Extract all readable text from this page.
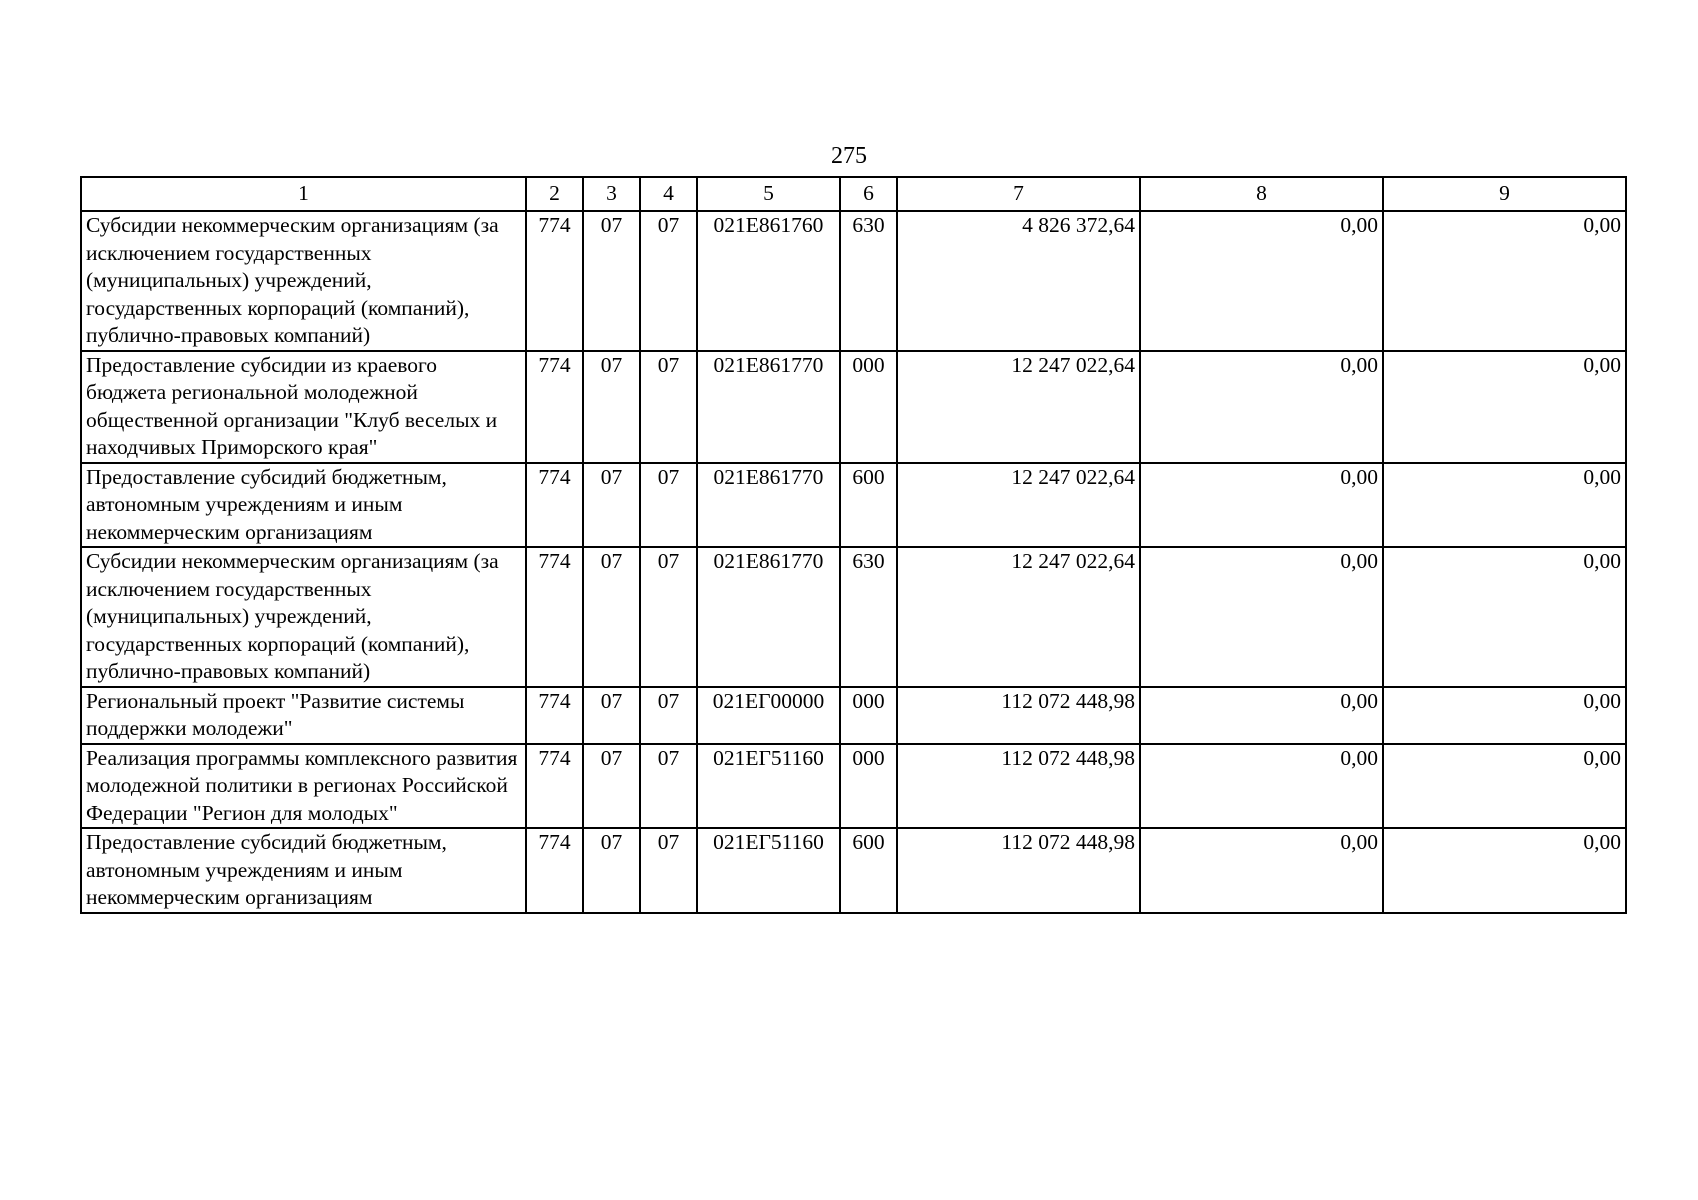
275
1	2	3	4	5	6	7	8	9
Субсидии некоммерческим организациям (за исключением государственных (муниципальных) учреждений, государственных корпораций (компаний), публично-правовых компаний)	774	07	07	021E861760	630	4 826 372,64	0,00	0,00
Предоставление субсидии из краевого бюджета региональной молодежной общественной организации "Клуб веселых и находчивых Приморского края"	774	07	07	021E861770	000	12 247 022,64	0,00	0,00
Предоставление субсидий бюджетным, автономным учреждениям и иным некоммерческим организациям	774	07	07	021E861770	600	12 247 022,64	0,00	0,00
Субсидии некоммерческим организациям (за исключением государственных (муниципальных) учреждений, государственных корпораций (компаний), публично-правовых компаний)	774	07	07	021E861770	630	12 247 022,64	0,00	0,00
Региональный проект "Развитие системы поддержки молодежи"	774	07	07	021ЕГ00000	000	112 072 448,98	0,00	0,00
Реализация программы комплексного развития молодежной политики в регионах Российской Федерации "Регион для молодых"	774	07	07	021ЕГ51160	000	112 072 448,98	0,00	0,00
Предоставление субсидий бюджетным, автономным учреждениям и иным некоммерческим организациям	774	07	07	021ЕГ51160	600	112 072 448,98	0,00	0,00
